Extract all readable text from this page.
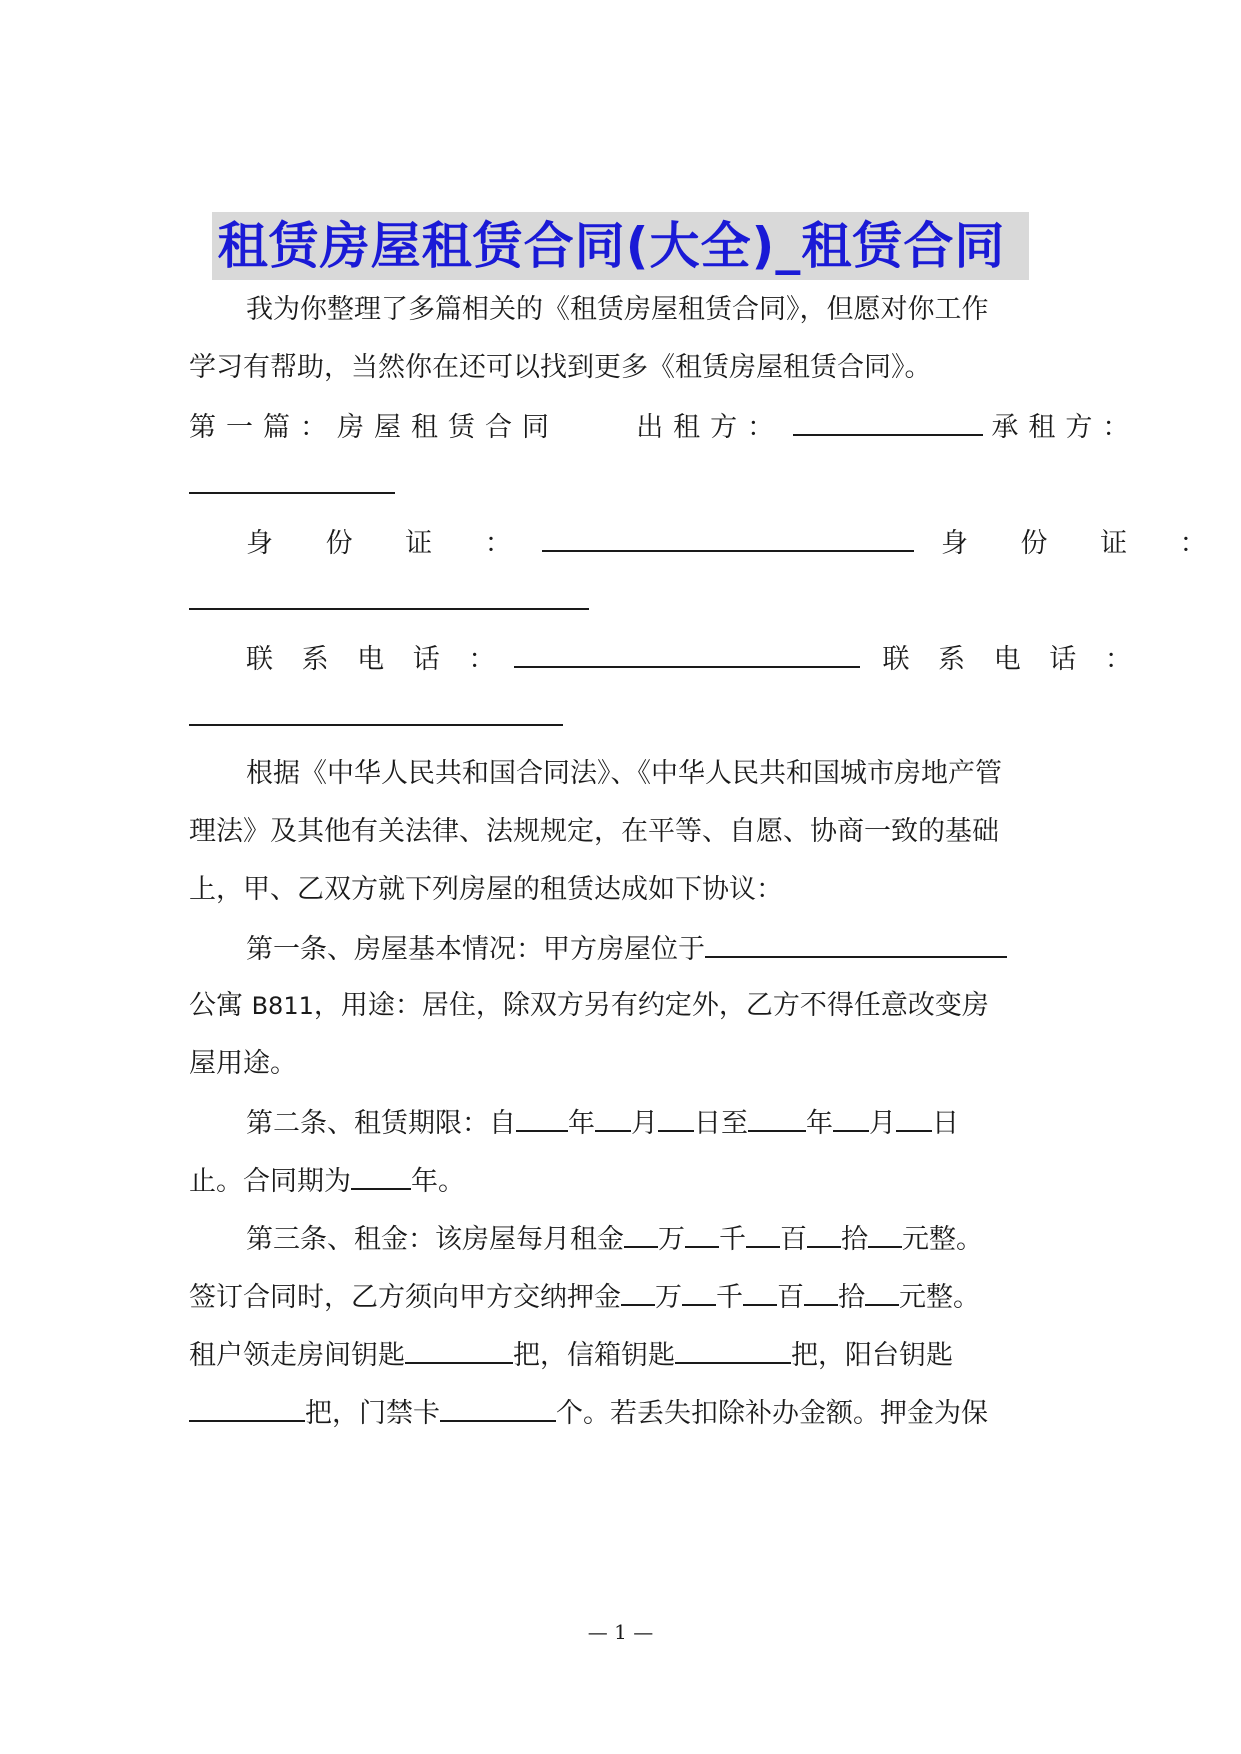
租赁房屋租赁合同(大全)_租赁合同
我为你整理了多篇相关的《租赁房屋租赁合同》，但愿对你工作
学习有帮助，当然你在还可以找到更多《租赁房屋租赁合同》。
第一篇：房屋租赁合同	出租方：	承租方：
身 份 证 ：	身 份 证 ：
联 系 电 话 ：	联 系 电 话 ：
根据《中华人民共和国合同法》、《中华人民共和国城市房地产管
理法》及其他有关法律、法规规定，在平等、自愿、协商一致的基础
上，甲、乙双方就下列房屋的租赁达成如下协议：
第一条、房屋基本情况：甲方房屋位于
公寓 B811，用途：居住，除双方另有约定外，乙方不得任意改变房
屋用途。
第二条、租赁期限：自 年 月 日至 年 月 日
止。合同期为 年。
第三条、租金：该房屋每月租金 万 千 百 拾 元整。
签订合同时，乙方须向甲方交纳押金 万 千 百 拾 元整。
租户领走房间钥匙	把，信箱钥匙	把，阳台钥匙
把，门禁卡	个。若丢失扣除补办金额。押金为保
— 1 —
